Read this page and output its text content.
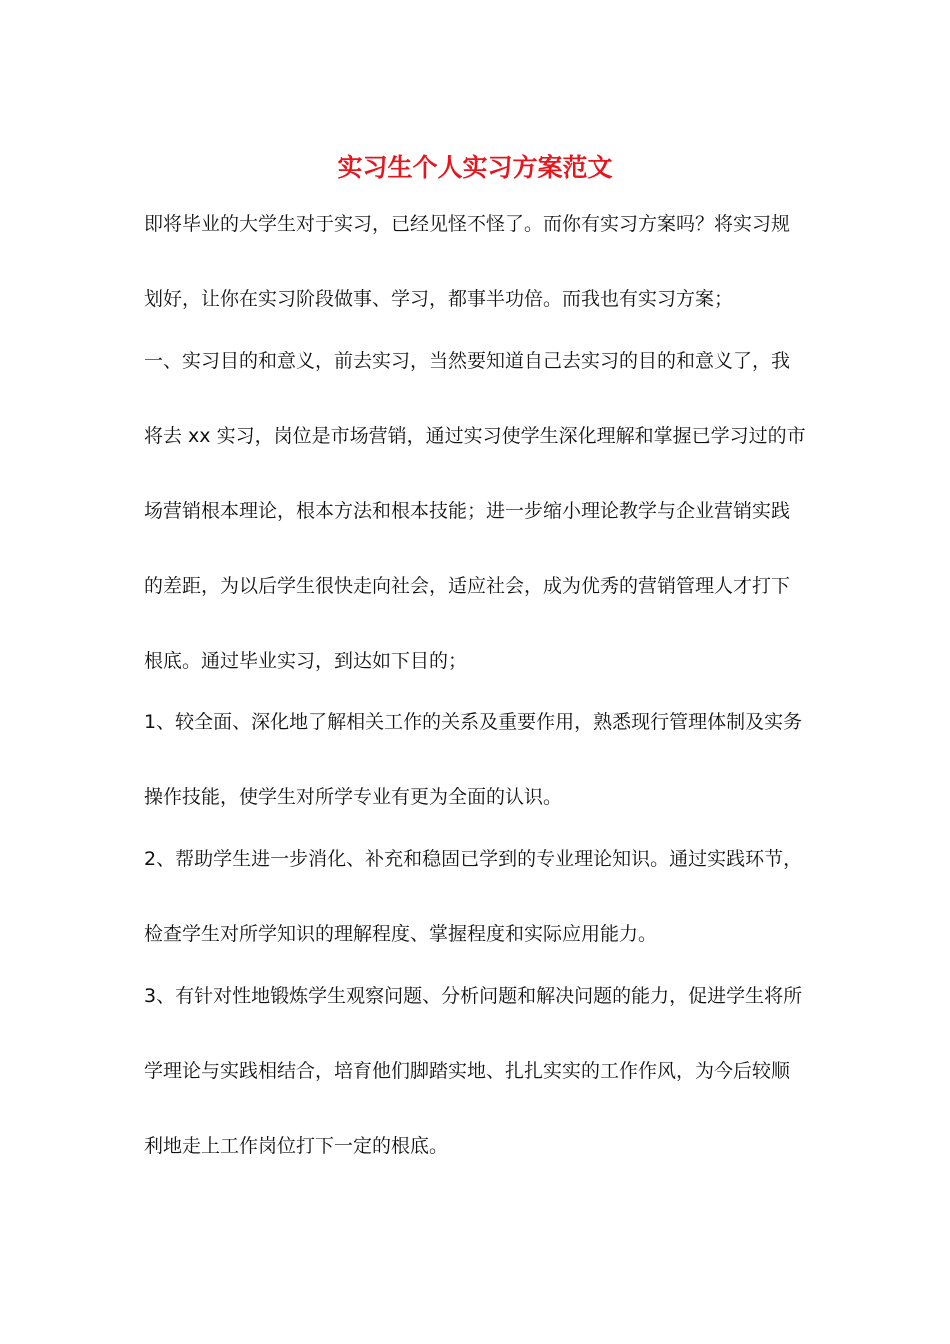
实习生个人实习方案范文
即将毕业的大学生对于实习，已经见怪不怪了。而你有实习方案吗？将实习规
划好，让你在实习阶段做事、学习，都事半功倍。而我也有实习方案；
一、实习目的和意义，前去实习，当然要知道自己去实习的目的和意义了，我
将去 xx 实习，岗位是市场营销，通过实习使学生深化理解和掌握已学习过的市
场营销根本理论，根本方法和根本技能；进一步缩小理论教学与企业营销实践
的差距，为以后学生很快走向社会，适应社会，成为优秀的营销管理人才打下
根底。通过毕业实习，到达如下目的；
1、较全面、深化地了解相关工作的关系及重要作用，熟悉现行管理体制及实务
操作技能，使学生对所学专业有更为全面的认识。
2、帮助学生进一步消化、补充和稳固已学到的专业理论知识。通过实践环节，
检查学生对所学知识的理解程度、掌握程度和实际应用能力。
3、有针对性地锻炼学生观察问题、分析问题和解决问题的能力，促进学生将所
学理论与实践相结合，培育他们脚踏实地、扎扎实实的工作作风，为今后较顺
利地走上工作岗位打下一定的根底。
